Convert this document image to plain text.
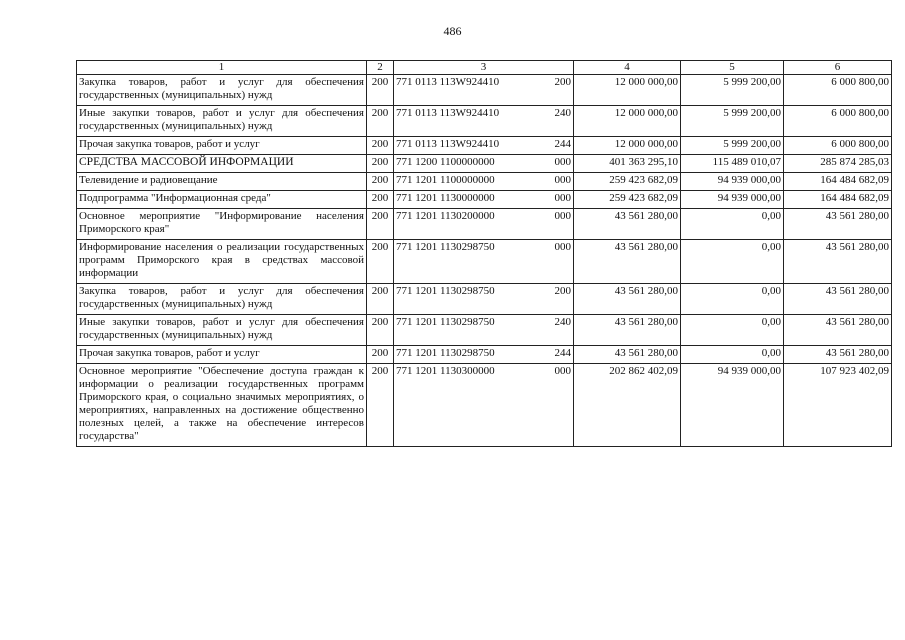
486
1	2	3	4	5	6
Закупка товаров, работ и услуг для обеспечения государственных (муниципальных) нужд	200	771 0113 113W924410 200	12 000 000,00	5 999 200,00	6 000 800,00
Иные закупки товаров, работ и услуг для обеспечения государственных (муниципальных) нужд	200	771 0113 113W924410 240	12 000 000,00	5 999 200,00	6 000 800,00
Прочая закупка товаров, работ и услуг	200	771 0113 113W924410 244	12 000 000,00	5 999 200,00	6 000 800,00
СРЕДСТВА МАССОВОЙ ИНФОРМАЦИИ	200	771 1200 1100000000 000	401 363 295,10	115 489 010,07	285 874 285,03
Телевидение и радиовещание	200	771 1201 1100000000 000	259 423 682,09	94 939 000,00	164 484 682,09
Подпрограмма "Информационная среда"	200	771 1201 1130000000 000	259 423 682,09	94 939 000,00	164 484 682,09
Основное мероприятие "Информирование населения Приморского края"	200	771 1201 1130200000 000	43 561 280,00	0,00	43 561 280,00
Информирование населения о реализации государственных программ Приморского края в средствах массовой информации	200	771 1201 1130298750 000	43 561 280,00	0,00	43 561 280,00
Закупка товаров, работ и услуг для обеспечения государственных (муниципальных) нужд	200	771 1201 1130298750 200	43 561 280,00	0,00	43 561 280,00
Иные закупки товаров, работ и услуг для обеспечения государственных (муниципальных) нужд	200	771 1201 1130298750 240	43 561 280,00	0,00	43 561 280,00
Прочая закупка товаров, работ и услуг	200	771 1201 1130298750 244	43 561 280,00	0,00	43 561 280,00
Основное мероприятие "Обеспечение доступа граждан к информации о реализации государственных программ Приморского края, о социально значимых мероприятиях, о мероприятиях, направленных на достижение общественно полезных целей, а также на обеспечение интересов государства"	200	771 1201 1130300000 000	202 862 402,09	94 939 000,00	107 923 402,09
